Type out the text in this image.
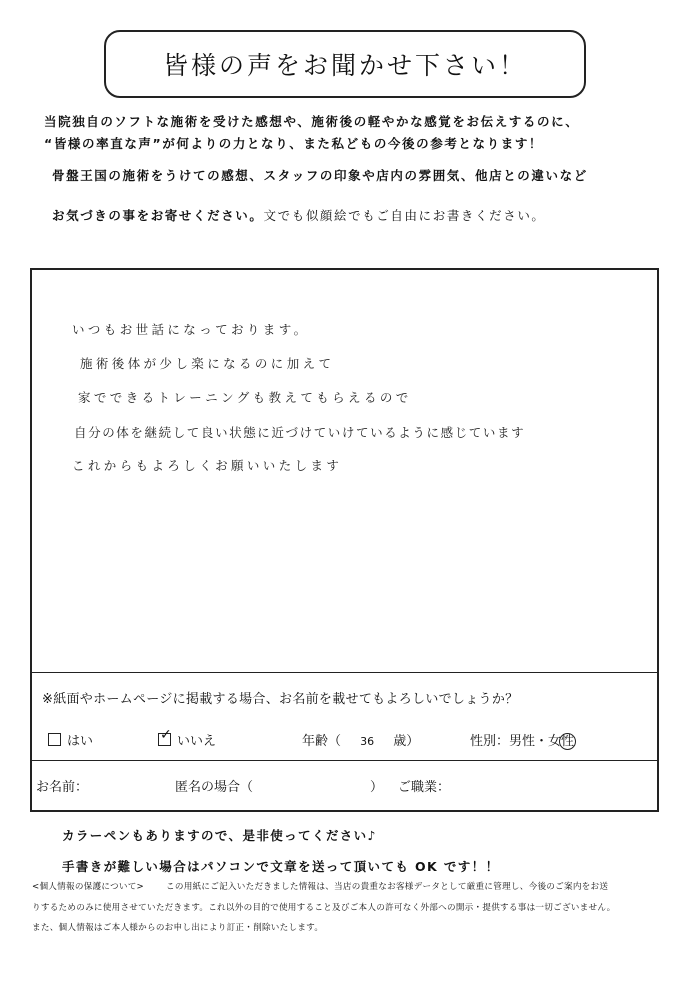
皆様の声をお聞かせ下さい！
当院独自のソフトな施術を受けた感想や、施術後の軽やかな感覚をお伝えするのに、
“皆様の率直な声”が何よりの力となり、また私どもの今後の参考となります！
骨盤王国の施術をうけての感想、スタッフの印象や店内の雰囲気、他店との違いなど
お気づきの事をお寄せください。文でも似顔絵でもご自由にお書きください。
いつもお世話になっております。
施術後体が少し楽になるのに加えて
家でできるトレーニングも教えてもらえるので
自分の体を継続して良い状態に近づけていけているように感じています
これからもよろしくお願いいたします
※紙面やホームページに掲載する場合、お名前を載せてもよろしいでしょうか？
はい	✓ いいえ	年齢（ 36 歳）	性別：男性・女性
お名前：	匿名の場合（	） ご職業：
カラーペンもありますので、是非使ってください♪
手書きが難しい場合はパソコンで文章を送って頂いても OK です！！
<個人情報の保護について>	この用紙にご記入いただきました情報は、当店の貴重なお客様データとして厳重に管理し、今後のご案内をお送
りするためのみに使用させていただきます。これ以外の目的で使用すること及びご本人の許可なく外部への開示・提供する事は一切ございません。
また、個人情報はご本人様からのお申し出により訂正・削除いたします。
